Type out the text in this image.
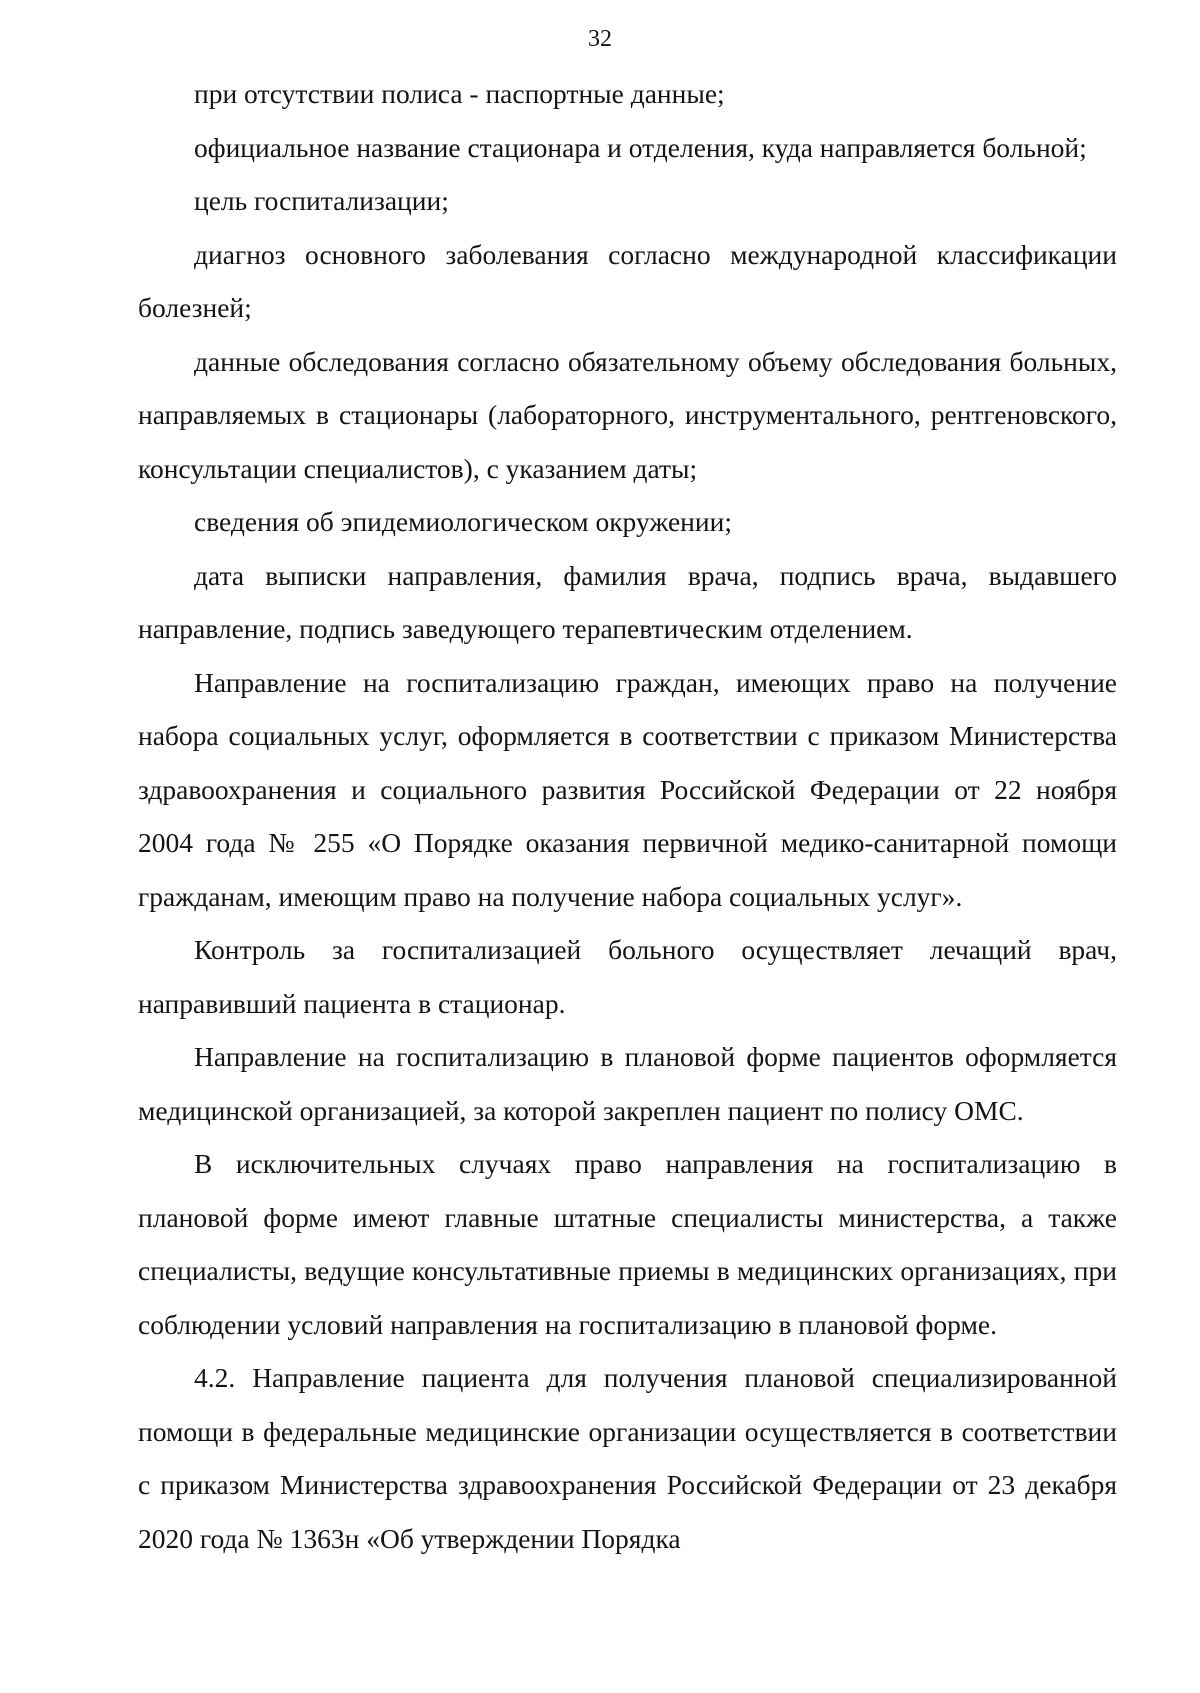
32

при отсутствии полиса - паспортные данные;

официальное название стационара и отделения, куда направляется больной;

цель госпитализации;

диагноз основного заболевания согласно международной классификации болезней;

данные обследования согласно обязательному объему обследования больных, направляемых в стационары (лабораторного, инструментального, рентгеновского, консультации специалистов), с указанием даты;

сведения об эпидемиологическом окружении;

дата выписки направления, фамилия врача, подпись врача, выдавшего направление, подпись заведующего терапевтическим отделением.

Направление на госпитализацию граждан, имеющих право на получение набора социальных услуг, оформляется в соответствии с приказом Министерства здравоохранения и социального развития Российской Федерации от 22 ноября 2004 года № 255 «О Порядке оказания первичной медико-санитарной помощи гражданам, имеющим право на получение набора социальных услуг».

Контроль за госпитализацией больного осуществляет лечащий врач, направивший пациента в стационар.

Направление на госпитализацию в плановой форме пациентов оформляется медицинской организацией, за которой закреплен пациент по полису ОМС.

В исключительных случаях право направления на госпитализацию в плановой форме имеют главные штатные специалисты министерства, а также специалисты, ведущие консультативные приемы в медицинских организациях, при соблюдении условий направления на госпитализацию в плановой форме.

4.2. Направление пациента для получения плановой специализированной помощи в федеральные медицинские организации осуществляется в соответствии с приказом Министерства здравоохранения Российской Федерации от 23 декабря 2020 года № 1363н «Об утверждении Порядка
